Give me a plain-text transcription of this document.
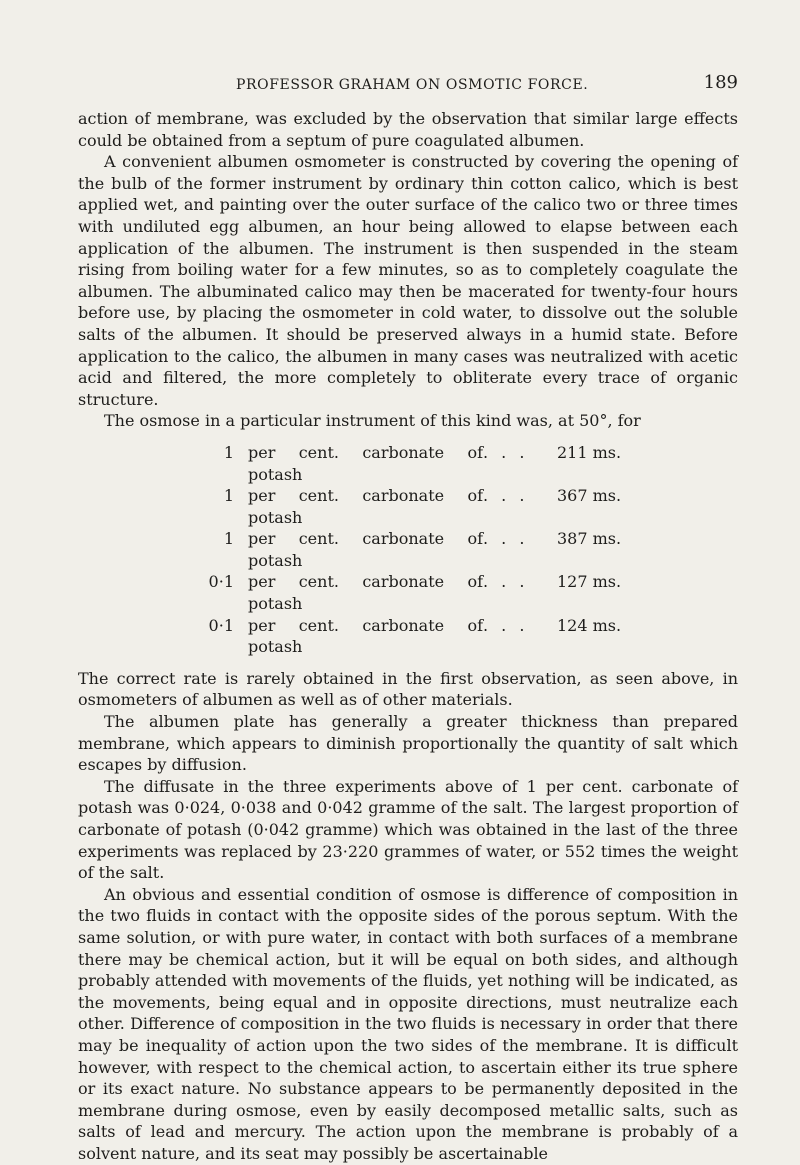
PROFESSOR GRAHAM ON OSMOTIC FORCE.	189

action of membrane, was excluded by the observation that similar large effects could be obtained from a septum of pure coagulated albumen.

A convenient albumen osmometer is constructed by covering the opening of the bulb of the former instrument by ordinary thin cotton calico, which is best applied wet, and painting over the outer surface of the calico two or three times with undiluted egg albumen, an hour being allowed to elapse between each application of the albumen. The instrument is then suspended in the steam rising from boiling water for a few minutes, so as to completely coagulate the albumen. The albuminated calico may then be macerated for twenty-four hours before use, by placing the osmometer in cold water, to dissolve out the soluble salts of the albumen. It should be preserved always in a humid state. Before application to the calico, the albumen in many cases was neutralized with acetic acid and filtered, the more completely to obliterate every trace of organic structure.

The osmose in a particular instrument of this kind was, at 50°, for

1	per cent. carbonate of potash	. . .	211 ms.
1	per cent. carbonate of potash	. . .	367 ms.
1	per cent. carbonate of potash	. . .	387 ms.
0·1	per cent. carbonate of potash	. . .	127 ms.
0·1	per cent. carbonate of potash	. . .	124 ms.

The correct rate is rarely obtained in the first observation, as seen above, in osmometers of albumen as well as of other materials.

The albumen plate has generally a greater thickness than prepared membrane, which appears to diminish proportionally the quantity of salt which escapes by diffusion.

The diffusate in the three experiments above of 1 per cent. carbonate of potash was 0·024, 0·038 and 0·042 gramme of the salt. The largest proportion of carbonate of potash (0·042 gramme) which was obtained in the last of the three experiments was replaced by 23·220 grammes of water, or 552 times the weight of the salt.

An obvious and essential condition of osmose is difference of composition in the two fluids in contact with the opposite sides of the porous septum. With the same solution, or with pure water, in contact with both surfaces of a membrane there may be chemical action, but it will be equal on both sides, and although probably attended with movements of the fluids, yet nothing will be indicated, as the movements, being equal and in opposite directions, must neutralize each other. Difference of composition in the two fluids is necessary in order that there may be inequality of action upon the two sides of the membrane. It is difficult however, with respect to the chemical action, to ascertain either its true sphere or its exact nature. No substance appears to be permanently deposited in the membrane during osmose, even by easily decomposed metallic salts, such as salts of lead and mercury. The action upon the membrane is probably of a solvent nature, and its seat may possibly be ascertainable
